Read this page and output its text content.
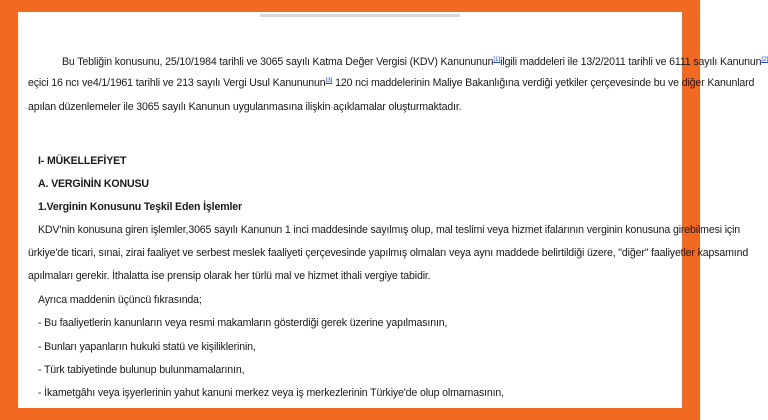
Bu Tebliğin konusunu, 25/10/1984 tarihli ve 3065 sayılı Katma Değer Vergisi (KDV) Kanununun[1]ilgili maddeleri ile 13/2/2011 tarihli ve 6111 sayılı Kanunun[2]
eçici 16 ncı ve4/1/1961 tarihli ve 213 sayılı Vergi Usul Kanununun[3] 120 nci maddelerinin Maliye Bakanlığına verdiği yetkiler çerçevesinde bu ve diğer Kanunlard
apılan düzenlemeler ile 3065 sayılı Kanunun uygulanmasına ilişkin açıklamalar oluşturmaktadır.
I- MÜKELLEFİYET
A. VERGİNİN KONUSU
1.Verginin Konusunu Teşkil Eden İşlemler
KDV'nin konusuna giren işlemler,3065 sayılı Kanunun 1 inci maddesinde sayılmış olup, mal teslimi veya hizmet ifalarının verginin konusuna girebilmesi için
ürkiye'de ticari, sınai, zirai faaliyet ve serbest meslek faaliyeti çerçevesinde yapılmış olmaları veya aynı maddede belirtildiği üzere, "diğer" faaliyetler kapsamınd
apılmaları gerekir. İthalatta ise prensip olarak her türlü mal ve hizmet ithali vergiye tabidir.
Ayrıca maddenin üçüncü fıkrasında;
- Bu faaliyetlerin kanunların veya resmi makamların gösterdiği gerek üzerine yapılmasının,
- Bunları yapanların hukuki statü ve kişiliklerinin,
- Türk tabiyetinde bulunup bulunmamalarının,
- İkametgâhı veya işyerlerinin yahut kanuni merkez veya iş merkezlerinin Türkiye'de olup olmamasının,
